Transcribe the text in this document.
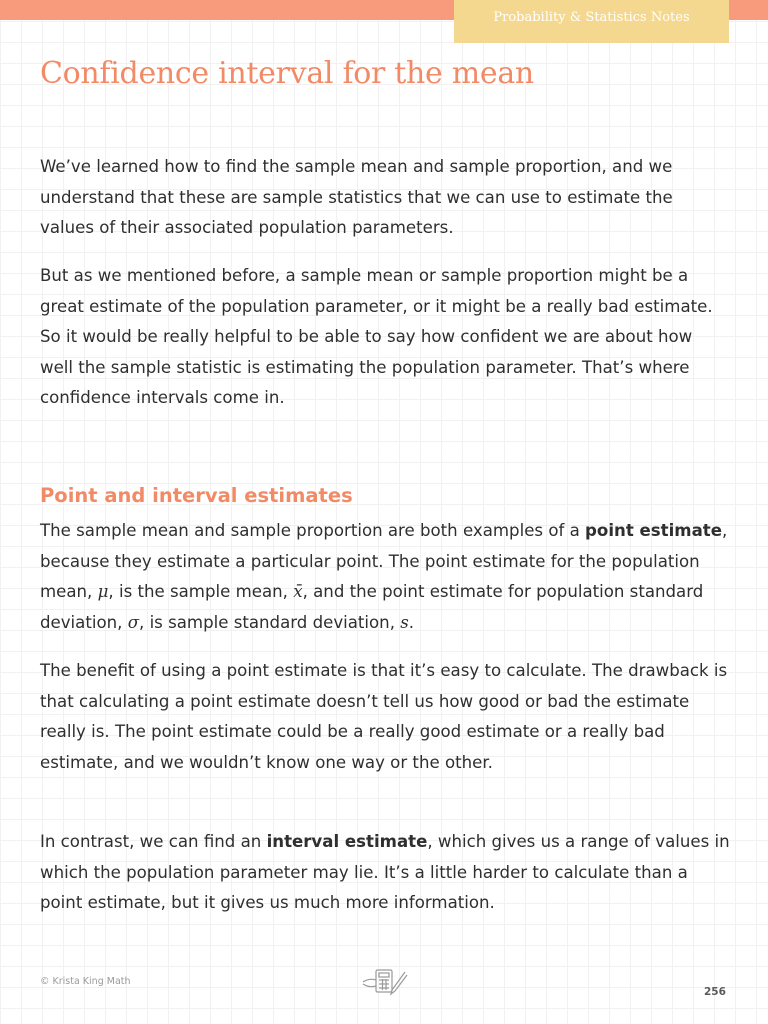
Probability & Statistics Notes
Confidence interval for the mean

We’ve learned how to find the sample mean and sample proportion, and we understand that these are sample statistics that we can use to estimate the values of their associated population parameters.

But as we mentioned before, a sample mean or sample proportion might be a great estimate of the population parameter, or it might be a really bad estimate. So it would be really helpful to be able to say how confident we are about how well the sample statistic is estimating the population parameter. That’s where confidence intervals come in.

Point and interval estimates

The sample mean and sample proportion are both examples of a point estimate, because they estimate a particular point. The point estimate for the population mean, μ, is the sample mean, x̄, and the point estimate for population standard deviation, σ, is sample standard deviation, s.

The benefit of using a point estimate is that it’s easy to calculate. The drawback is that calculating a point estimate doesn’t tell us how good or bad the estimate really is. The point estimate could be a really good estimate or a really bad estimate, and we wouldn’t know one way or the other.

In contrast, we can find an interval estimate, which gives us a range of values in which the population parameter may lie. It’s a little harder to calculate than a point estimate, but it gives us much more information.

© Krista King Math
256
